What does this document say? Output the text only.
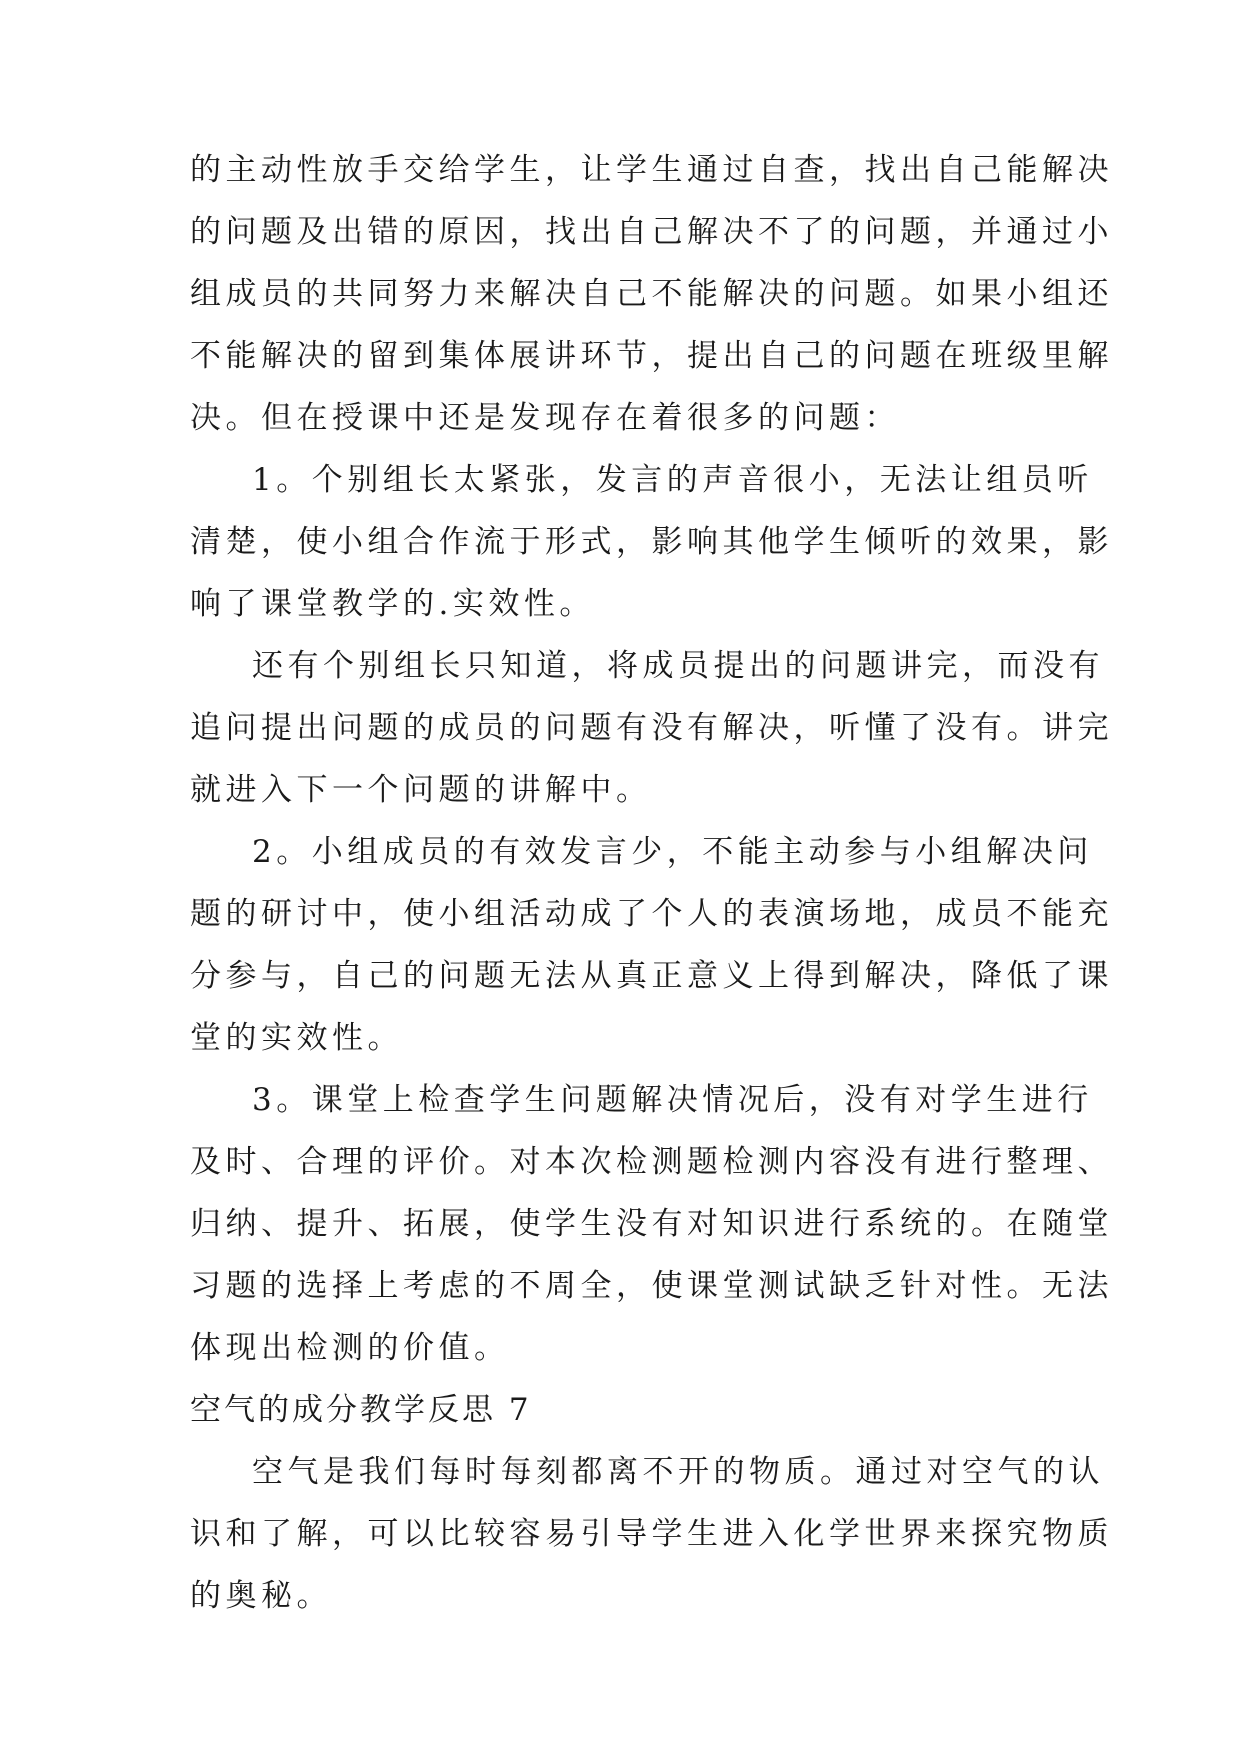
的主动性放手交给学生，让学生通过自查，找出自己能解决
的问题及出错的原因，找出自己解决不了的问题，并通过小
组成员的共同努力来解决自己不能解决的问题。如果小组还
不能解决的留到集体展讲环节，提出自己的问题在班级里解
决。但在授课中还是发现存在着很多的问题：
1。个别组长太紧张，发言的声音很小，无法让组员听
清楚，使小组合作流于形式，影响其他学生倾听的效果，影
响了课堂教学的.实效性。
还有个别组长只知道，将成员提出的问题讲完，而没有
追问提出问题的成员的问题有没有解决，听懂了没有。讲完
就进入下一个问题的讲解中。
2。小组成员的有效发言少，不能主动参与小组解决问
题的研讨中，使小组活动成了个人的表演场地，成员不能充
分参与，自己的问题无法从真正意义上得到解决，降低了课
堂的实效性。
3。课堂上检查学生问题解决情况后，没有对学生进行
及时、合理的评价。对本次检测题检测内容没有进行整理、
归纳、提升、拓展，使学生没有对知识进行系统的。在随堂
习题的选择上考虑的不周全，使课堂测试缺乏针对性。无法
体现出检测的价值。
空气的成分教学反思 7
空气是我们每时每刻都离不开的物质。通过对空气的认
识和了解，可以比较容易引导学生进入化学世界来探究物质
的奥秘。
